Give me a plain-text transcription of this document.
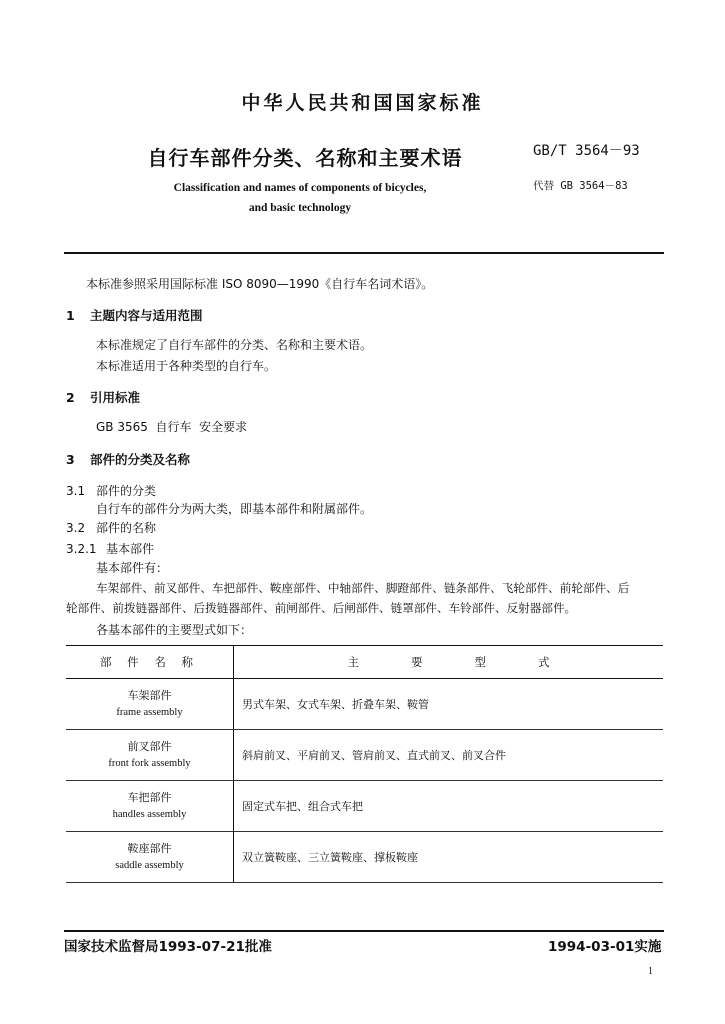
中华人民共和国国家标准
自行车部件分类、名称和主要术语	GB/T 3564－93
代替 GB 3564－83
Classification and names of components of bicycles,
and basic technology
本标准参照采用国际标准 ISO 8090—1990《自行车名词术语》。
1 主题内容与适用范围
本标准规定了自行车部件的分类、名称和主要术语。
本标准适用于各种类型的自行车。
2 引用标准
GB 3565  自行车  安全要求
3 部件的分类及名称
3.1 部件的分类
自行车的部件分为两大类，即基本部件和附属部件。
3.2 部件的名称
3.2.1 基本部件
基本部件有：
车架部件、前叉部件、车把部件、鞍座部件、中轴部件、脚蹬部件、链条部件、飞轮部件、前轮部件、后
轮部件、前拨链器部件、后拨链器部件、前闸部件、后闸部件、链罩部件、车铃部件、反射器部件。
各基本部件的主要型式如下：
部 件 名 称	主 要 型 式

车架部件
frame assembly	男式车架、女式车架、折叠车架、鞍管

前叉部件
front fork assembly	斜肩前叉、平肩前叉、管肩前叉、直式前叉、前叉合件

车把部件
handles assembly	固定式车把、组合式车把

鞍座部件
saddle assembly	双立簧鞍座、三立簧鞍座、撑板鞍座
国家技术监督局1993-07-21批准	1994-03-01实施
1
